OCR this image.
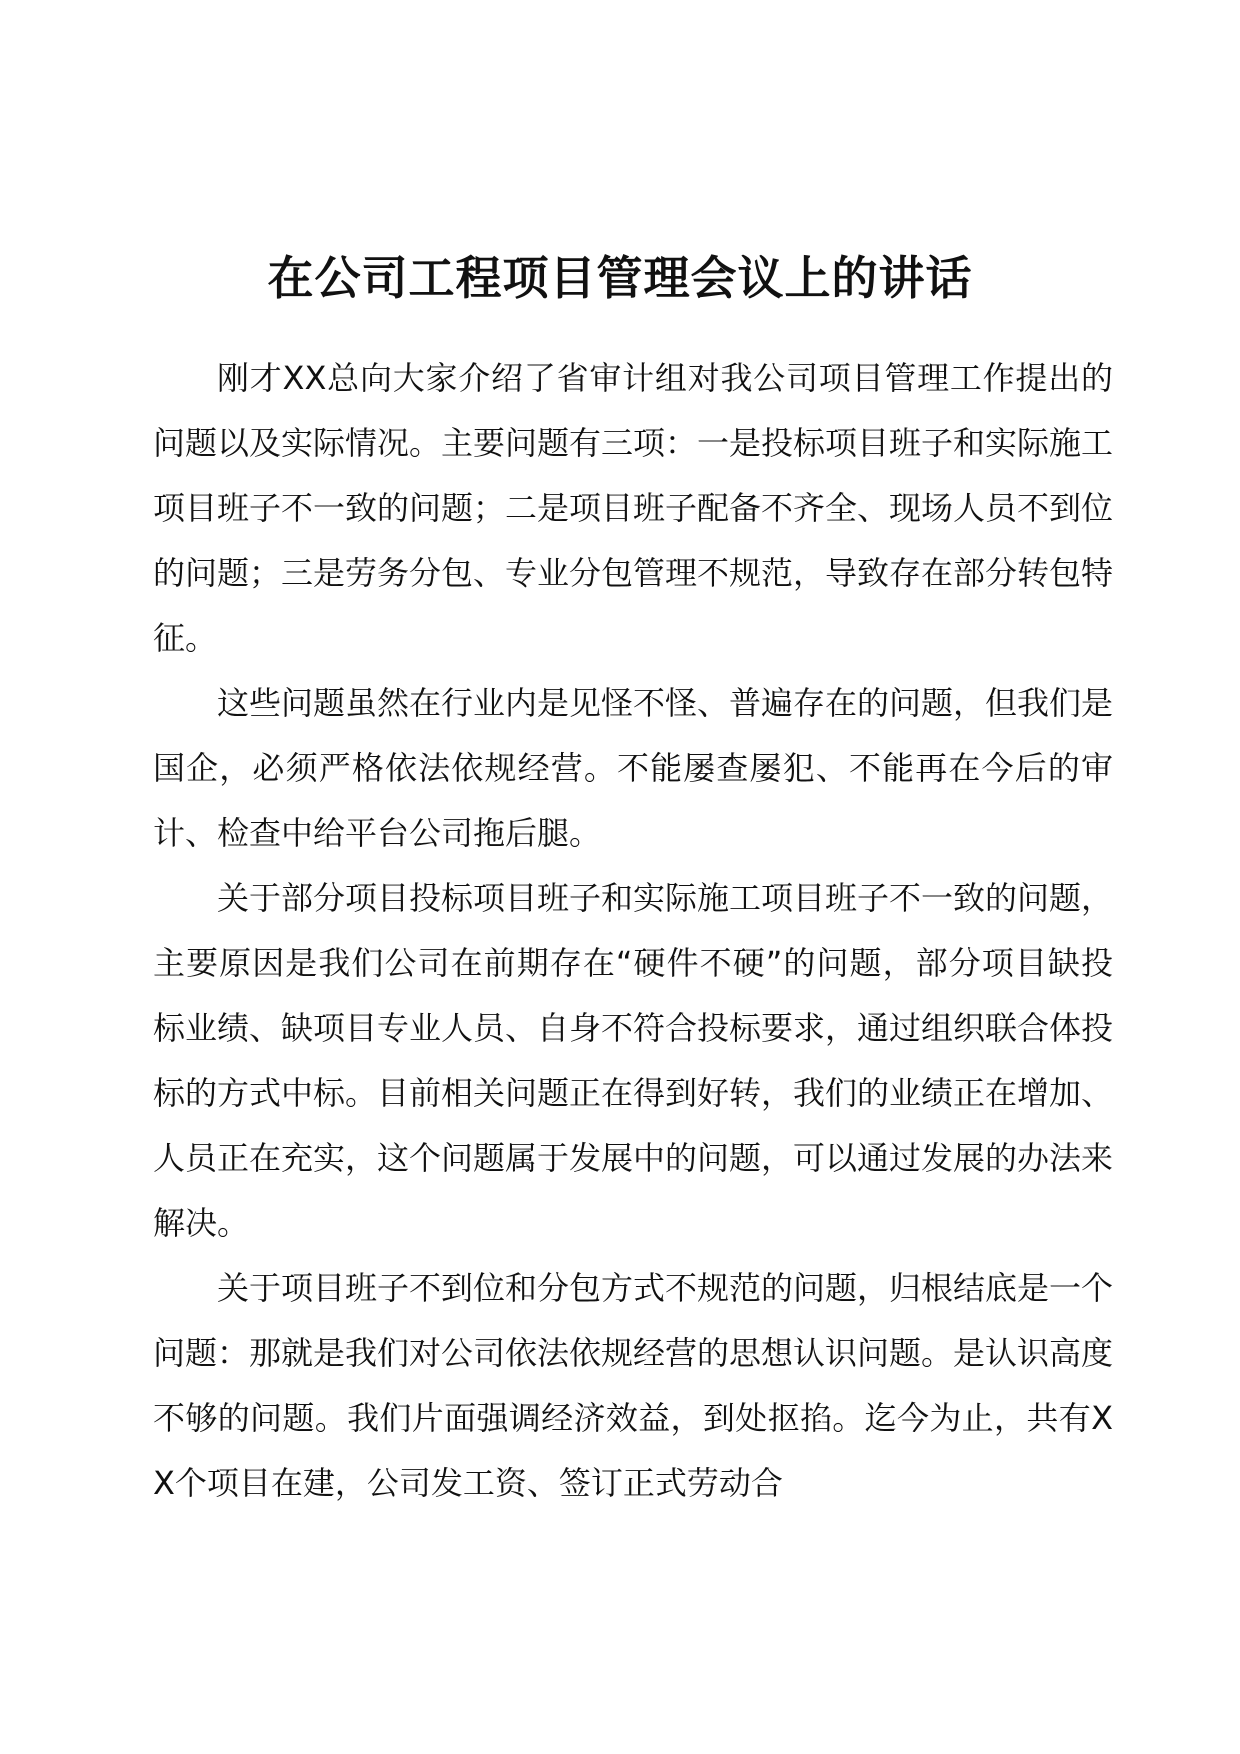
在公司工程项目管理会议上的讲话

刚才XX总向大家介绍了省审计组对我公司项目管理工作提出的问题以及实际情况。主要问题有三项：一是投标项目班子和实际施工项目班子不一致的问题；二是项目班子配备不齐全、现场人员不到位的问题；三是劳务分包、专业分包管理不规范，导致存在部分转包特征。

这些问题虽然在行业内是见怪不怪、普遍存在的问题，但我们是国企，必须严格依法依规经营。不能屡查屡犯、不能再在今后的审计、检查中给平台公司拖后腿。

关于部分项目投标项目班子和实际施工项目班子不一致的问题，主要原因是我们公司在前期存在“硬件不硬”的问题，部分项目缺投标业绩、缺项目专业人员、自身不符合投标要求，通过组织联合体投标的方式中标。目前相关问题正在得到好转，我们的业绩正在增加、人员正在充实，这个问题属于发展中的问题，可以通过发展的办法来解决。

关于项目班子不到位和分包方式不规范的问题，归根结底是一个问题：那就是我们对公司依法依规经营的思想认识问题。是认识高度不够的问题。我们片面强调经济效益，到处抠掐。迄今为止，共有XX个项目在建，公司发工资、签订正式劳动合
